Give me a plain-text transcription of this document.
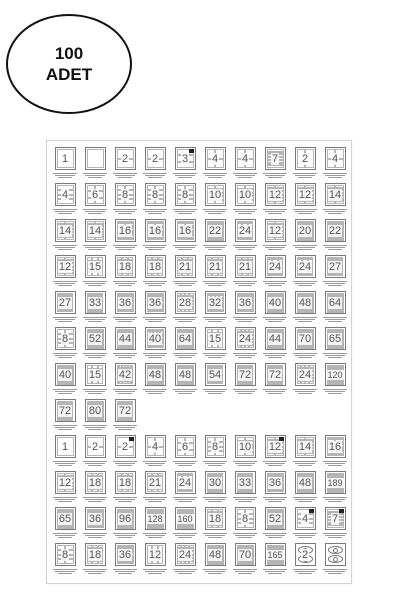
100
ADET
1	2 2 3 4 4 7 2 4
4 6 8 8 8 10 10 12 12 14
14 14 16 16 16 22 24 12 20 22
12 15 18 18 21 21 21 24 24 27
27 33 36 36 28 32 36 40 48 64
8 52 44 40 64 15 24 44 70 65
40 15 42 48 48 54 72 72 24 120
72 80 72
1 2 2 4 6 8 10 12 14 16
12 18 18 21 24 30 33 36 48 189
65 36 96 128 160 18 8 52 4 7
8 18 36 12 24 48 70 165 2
